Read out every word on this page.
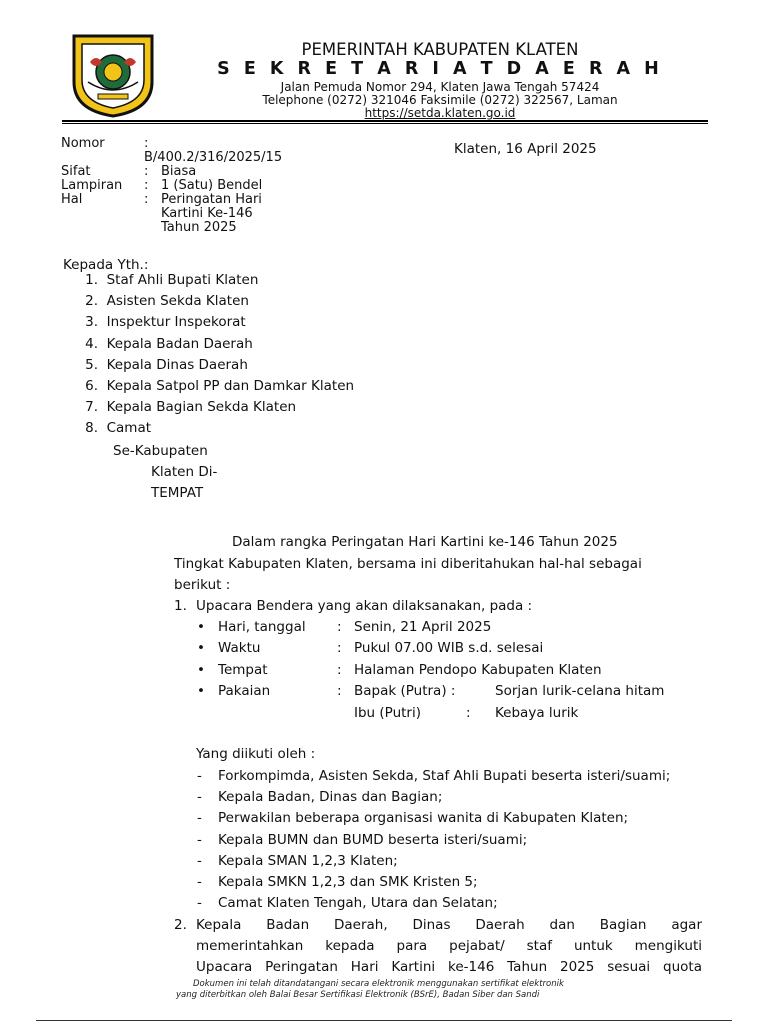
PEMERINTAH KABUPATEN KLATEN
S E K R E T A R I A T D A E R A H
Jalan Pemuda Nomor 294, Klaten Jawa Tengah 57424
Telephone (0272) 321046 Faksimile (0272) 322567, Laman
https://setda.klaten.go.id
Nomor	:
B/400.2/316/2025/15
Sifat	: Biasa
Lampiran : 1 (Satu) Bendel
Hal	: Peringatan Hari
Kartini Ke-146
Tahun 2025
Klaten, 16 April 2025
Kepada Yth.:
1. Staf Ahli Bupati Klaten
2. Asisten Sekda Klaten
3. Inspektur Inspekorat
4. Kepala Badan Daerah
5. Kepala Dinas Daerah
6. Kepala Satpol PP dan Damkar Klaten
7. Kepala Bagian Sekda Klaten
8. Camat
Se-Kabupaten
Klaten Di-
TEMPAT
Dalam rangka Peringatan Hari Kartini ke-146 Tahun 2025
Tingkat Kabupaten Klaten, bersama ini diberitahukan hal-hal sebagai
berikut :
1. Upacara Bendera yang akan dilaksanakan, pada :
• Hari, tanggal : Senin, 21 April 2025
• Waktu	: Pukul 07.00 WIB s.d. selesai
• Tempat	: Halaman Pendopo Kabupaten Klaten
• Pakaian	: Bapak (Putra) :	Sorjan lurik-celana hitam
Ibu (Putri)	: Kebaya lurik
Yang diikuti oleh :
- Forkompimda, Asisten Sekda, Staf Ahli Bupati beserta isteri/suami;
- Kepala Badan, Dinas dan Bagian;
- Perwakilan beberapa organisasi wanita di Kabupaten Klaten;
- Kepala BUMN dan BUMD beserta isteri/suami;
- Kepala SMAN 1,2,3 Klaten;
- Kepala SMKN 1,2,3 dan SMK Kristen 5;
- Camat Klaten Tengah, Utara dan Selatan;
2. Kepala Badan Daerah, Dinas Daerah dan Bagian agar
memerintahkan kepada para pejabat/ staf untuk mengikuti
Upacara Peringatan Hari Kartini ke-146 Tahun 2025 sesuai quota
Dokumen ini telah ditandatangani secara elektronik menggunakan sertifikat elektronik
yang diterbitkan oleh Balai Besar Sertifikasi Elektronik (BSrE), Badan Siber dan Sandi
